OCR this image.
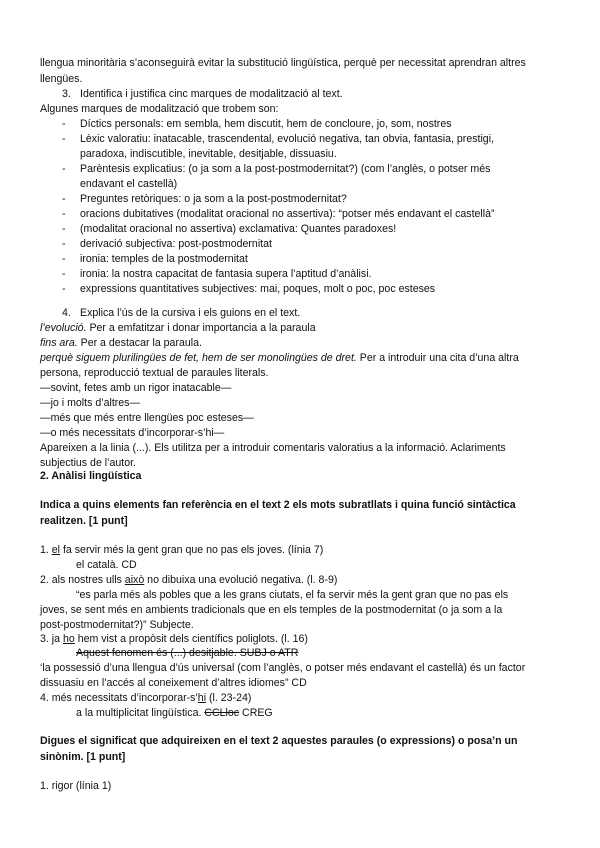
llengua minoritària s’aconseguirà evitar la substitució lingüística, perquè per necessitat aprendran altres
llengües.
3. Identifica i justifica cinc marques de modalització al text.
Algunes marques de modalització que trobem son:
- Díctics personals: em sembla, hem discutit, hem de concloure, jo, som, nostres
- Lèxic valoratiu: inatacable, trascendental, evolució negativa, tan obvia, fantasia, prestigi,
paradoxa, indiscutible, inevitable, desitjable, dissuasiu.
- Parèntesis explicatius: (o ja som a la post-postmodernitat?) (com l’anglès, o potser més
endavant el castellà)
- Preguntes retòriques: o ja som a la post-postmodernitat?
- oracions dubitatives (modalitat oracional no assertiva): “potser més endavant el castellà”
- (modalitat oracional no assertiva) exclamativa: Quantes paradoxes!
- derivació subjectiva: post-postmodernitat
- ironia: temples de la postmodernitat
- ironia: la nostra capacitat de fantasia supera l’aptitud d’anàlisi.
- expressions quantitatives subjectives: mai, poques, molt o poc, poc esteses
4. Explica l’ús de la cursiva i els guions en el text.
l’evolució. Per a emfatitzar i donar importancia a la paraula
fins ara. Per a destacar la paraula.
perquè siguem plurilingües de fet, hem de ser monolingües de dret. Per a introduir una cita d’una altra
persona, reproducció textual de paraules literals.
—sovint, fetes amb un rigor inatacable—
—jo i molts d’altres—
—més que més entre llengües poc esteses—
—o més necessitats d’incorporar-s’hi—
Apareixen a la linia (...). Els utilitza per a introduir comentaris valoratius a la informació. Aclariments
subjectius de l’autor.
2. Anàlisi lingüística
Indica a quins elements fan referència en el text 2 els mots subratllats i quina funció sintàctica
realitzen. [1 punt]
1. el fa servir més la gent gran que no pas els joves. (línia 7)
el català. CD
2. als nostres ulls això no dibuixa una evolució negativa. (l. 8-9)
“es parla més als pobles que a les grans ciutats, el fa servir més la gent gran que no pas els
joves, se sent més en ambients tradicionals que en els temples de la postmodernitat (o ja som a la
post-postmodernitat?)” Subjecte.
3. ja ho hem vist a propòsit dels científics poliglots. (l. 16)
Aquest fenomen és (...) desitjable. SUBJ o ATR
‘la possessió d’una llengua d’ús universal (com l’anglès, o potser més endavant el castellà) és un factor
dissuasiu en l’accés al coneixement d’altres idiomes” CD
4. més necessitats d’incorporar-s’hi (l. 23-24)
a la multiplicitat lingüística. CCLloc CREG
Digues el significat que adquireixen en el text 2 aquestes paraules (o expressions) o posa’n un
sinònim. [1 punt]
1. rigor (línia 1)
